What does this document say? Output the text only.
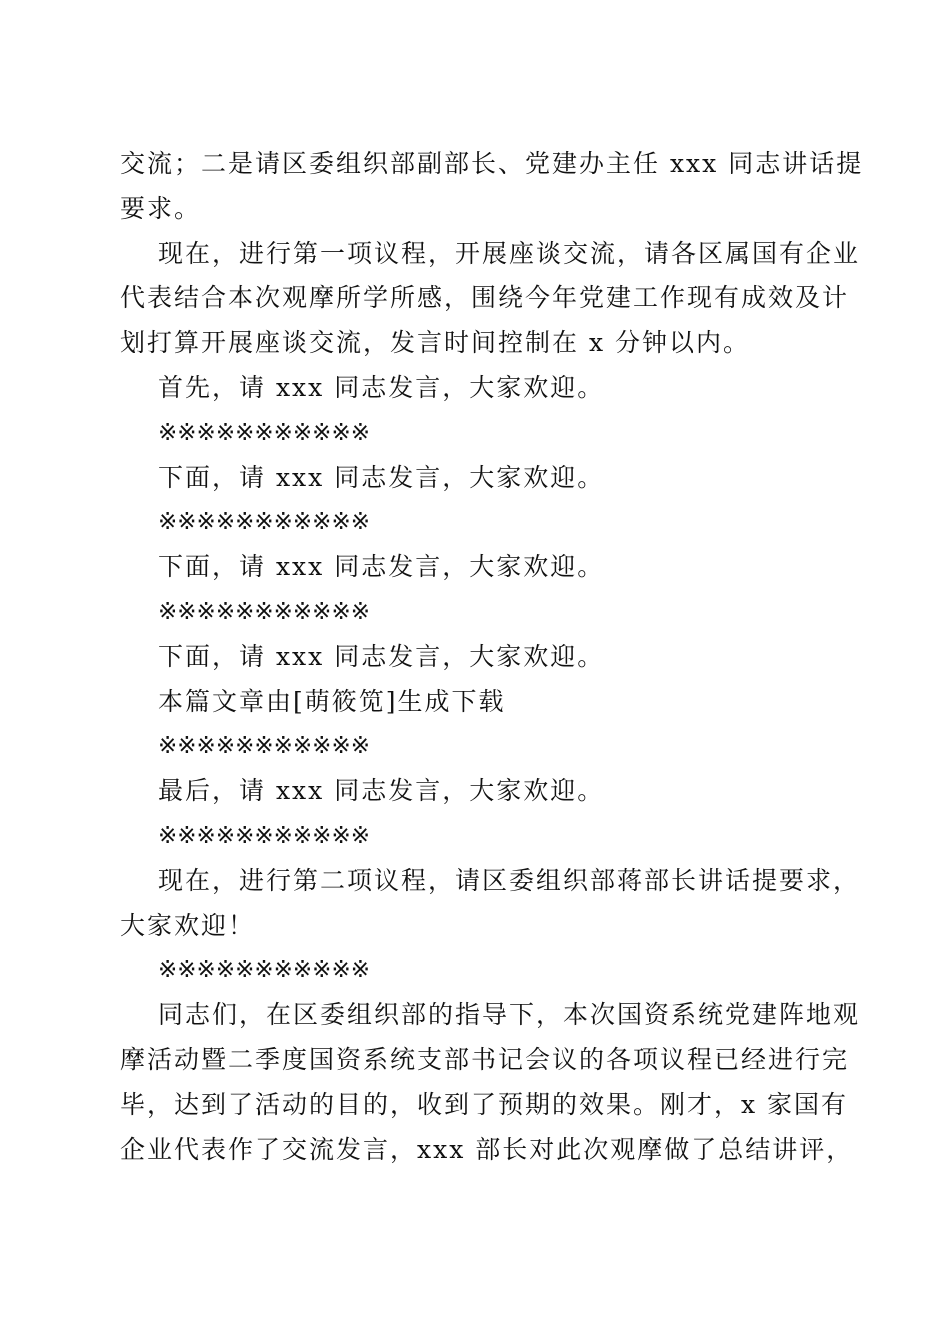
交流；二是请区委组织部副部长、党建办主任 xxx 同志讲话提
要求。
现在，进行第一项议程，开展座谈交流，请各区属国有企业
代表结合本次观摩所学所感，围绕今年党建工作现有成效及计
划打算开展座谈交流，发言时间控制在 x 分钟以内。
首先，请 xxx 同志发言，大家欢迎。
※※※※※※※※※※※
下面，请 xxx 同志发言，大家欢迎。
※※※※※※※※※※※
下面，请 xxx 同志发言，大家欢迎。
※※※※※※※※※※※
下面，请 xxx 同志发言，大家欢迎。
本篇文章由[萌筱笕]生成下载
※※※※※※※※※※※
最后，请 xxx 同志发言，大家欢迎。
※※※※※※※※※※※
现在，进行第二项议程，请区委组织部蒋部长讲话提要求，
大家欢迎！
※※※※※※※※※※※
同志们，在区委组织部的指导下，本次国资系统党建阵地观
摩活动暨二季度国资系统支部书记会议的各项议程已经进行完
毕，达到了活动的目的，收到了预期的效果。刚才，x 家国有
企业代表作了交流发言，xxx 部长对此次观摩做了总结讲评，
